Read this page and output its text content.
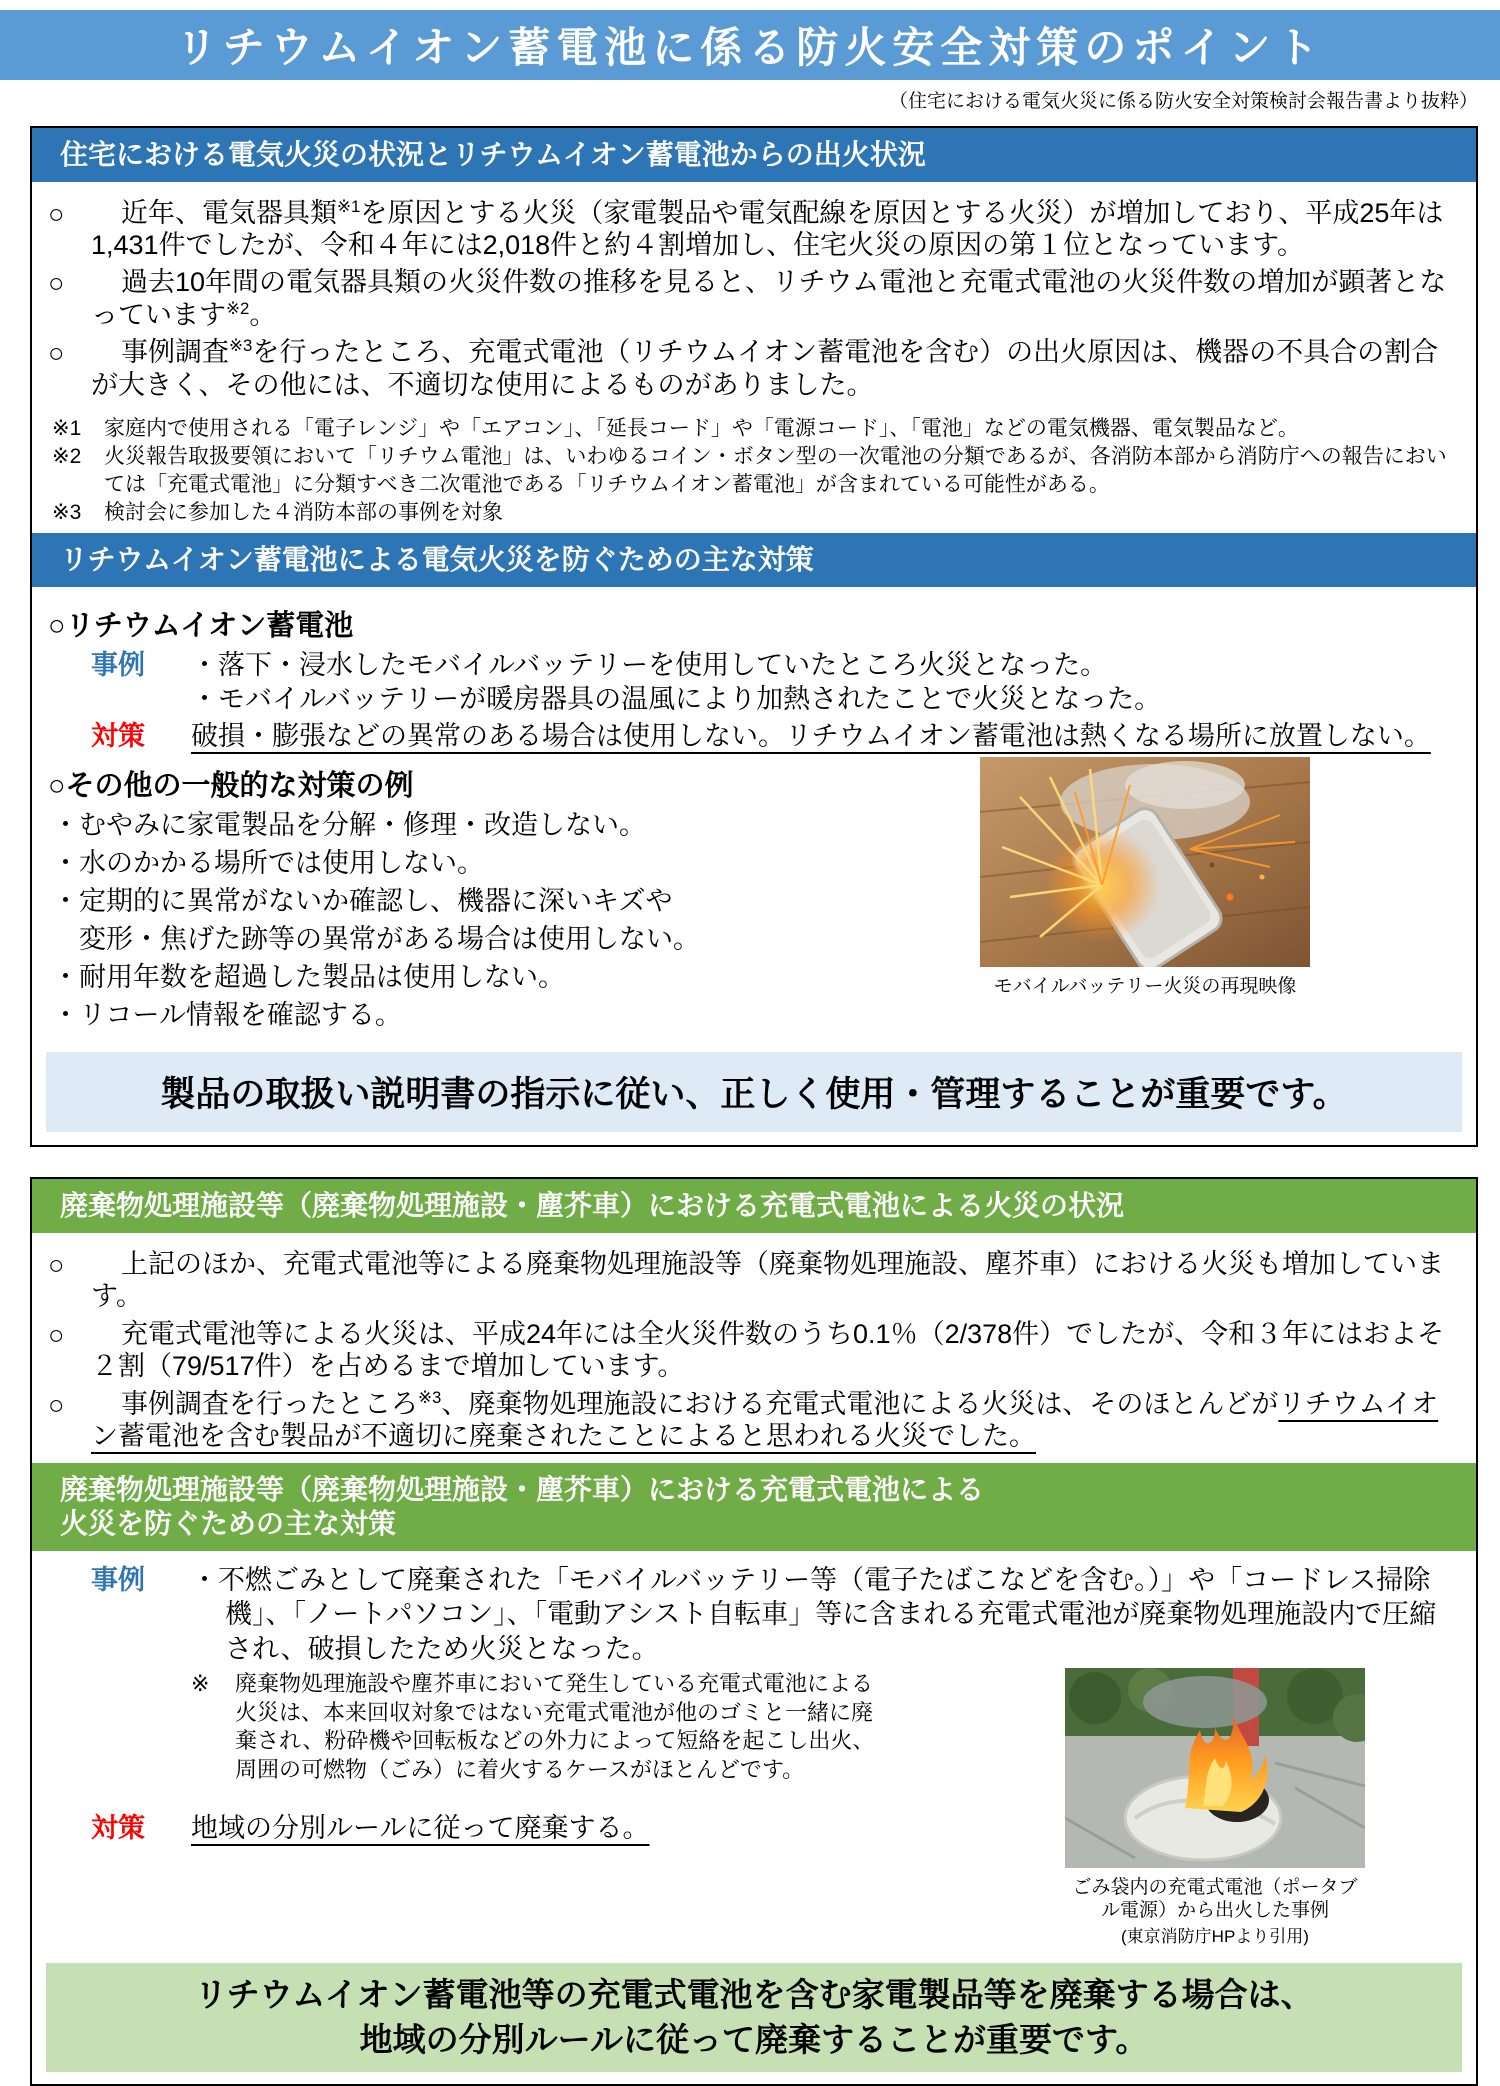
リチウムイオン蓄電池に係る防火安全対策のポイント
（住宅における電気火災に係る防火安全対策検討会報告書より抜粋）
住宅における電気火災の状況とリチウムイオン蓄電池からの出火状況
○	近年、電気器具類$^{※1}$を原因とする火災（家電製品や電気配線を原因とする火災）が増加しており、平成25年は1,431件でしたが、令和４年には2,018件と約４割増加し、住宅火災の原因の第１位となっています。
○	過去10年間の電気器具類の火災件数の推移を見ると、リチウム電池と充電式電池の火災件数の増加が顕著となっています$^{※2}$。
○	事例調査$^{※3}$を行ったところ、充電式電池（リチウムイオン蓄電池を含む）の出火原因は、機器の不具合の割合が大きく、その他には、不適切な使用によるものがありました。
※1	家庭内で使用される「電子レンジ」や「エアコン」、「延長コード」や「電源コード」、「電池」などの電気機器、電気製品など。
※2	火災報告取扱要領において「リチウム電池」は、いわゆるコイン・ボタン型の一次電池の分類であるが、各消防本部から消防庁への報告においては「充電式電池」に分類すべき二次電池である「リチウムイオン蓄電池」が含まれている可能性がある。
※3	検討会に参加した４消防本部の事例を対象
リチウムイオン蓄電池による電気火災を防ぐための主な対策
○リチウムイオン蓄電池
事例	・落下・浸水したモバイルバッテリーを使用していたところ火災となった。
・モバイルバッテリーが暖房器具の温風により加熱されたことで火災となった。
対策	破損・膨張などの異常のある場合は使用しない。リチウムイオン蓄電池は熱くなる場所に放置しない。
○その他の一般的な対策の例
・むやみに家電製品を分解・修理・改造しない。
・水のかかる場所では使用しない。
・定期的に異常がないか確認し、機器に深いキズや
　変形・焦げた跡等の異常がある場合は使用しない。
・耐用年数を超過した製品は使用しない。
・リコール情報を確認する。
モバイルバッテリー火災の再現映像
製品の取扱い説明書の指示に従い、正しく使用・管理することが重要です。
廃棄物処理施設等（廃棄物処理施設・塵芥車）における充電式電池による火災の状況
○	上記のほか、充電式電池等による廃棄物処理施設等（廃棄物処理施設、塵芥車）における火災も増加しています。
○	充電式電池等による火災は、平成24年には全火災件数のうち0.1％（2/378件）でしたが、令和３年にはおよそ２割（79/517件）を占めるまで増加しています。
○	事例調査を行ったところ$^{※3}$、廃棄物処理施設における充電式電池による火災は、そのほとんどがリチウムイオン蓄電池を含む製品が不適切に廃棄されたことによると思われる火災でした。
廃棄物処理施設等（廃棄物処理施設・塵芥車）における充電式電池による
火災を防ぐための主な対策
事例	・不燃ごみとして廃棄された「モバイルバッテリー等（電子たばこなどを含む。）」や「コードレス掃除機」、「ノートパソコン」、「電動アシスト自転車」等に含まれる充電式電池が廃棄物処理施設内で圧縮され、破損したため火災となった。
※	廃棄物処理施設や塵芥車において発生している充電式電池による火災は、本来回収対象ではない充電式電池が他のゴミと一緒に廃棄され、粉砕機や回転板などの外力によって短絡を起こし出火、周囲の可燃物（ごみ）に着火するケースがほとんどです。
対策	地域の分別ルールに従って廃棄する。
ごみ袋内の充電式電池（ポータブル電源）から出火した事例
(東京消防庁HPより引用)
リチウムイオン蓄電池等の充電式電池を含む家電製品等を廃棄する場合は、
地域の分別ルールに従って廃棄することが重要です。
